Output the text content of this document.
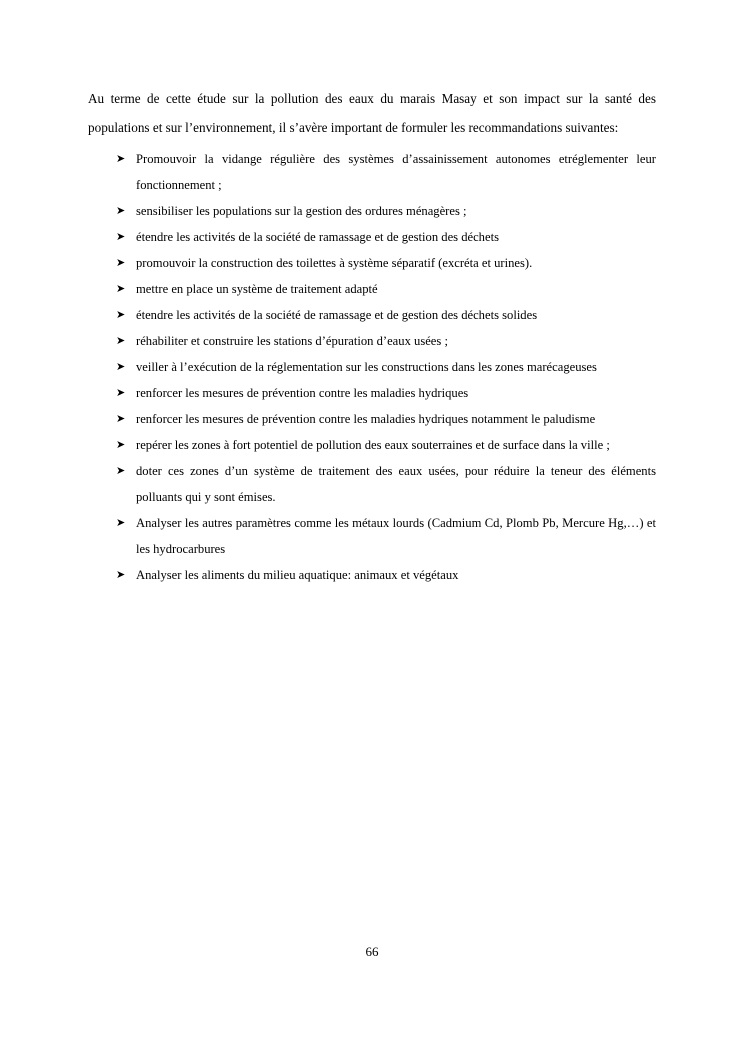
Au terme de cette étude sur la pollution des eaux du marais Masay et son impact sur la santé des populations et sur l’environnement, il s’avère important de formuler les recommandations suivantes:

➤ Promouvoir la vidange régulière des systèmes d’assainissement autonomes etréglementer leur fonctionnement ;
➤ sensibiliser les populations sur la gestion des ordures ménagères ;
➤ étendre les activités de la société de ramassage et de gestion des déchets
➤ promouvoir la construction des toilettes à système séparatif (excréta et urines).
➤ mettre en place un système de traitement adapté
➤ étendre les activités de la société de ramassage et de gestion des déchets solides
➤ réhabiliter et construire les stations d’épuration d’eaux usées ;
➤ veiller à l’exécution de la réglementation sur les constructions dans les zones marécageuses
➤ renforcer les mesures de prévention contre les maladies hydriques
➤ renforcer les mesures de prévention contre les maladies hydriques notamment le paludisme
➤ repérer les zones à fort potentiel de pollution des eaux souterraines et de surface dans la ville ;
➤ doter ces zones d’un système de traitement des eaux usées, pour réduire la teneur des éléments polluants qui y sont émises.
➤ Analyser les autres paramètres comme les métaux lourds (Cadmium Cd, Plomb Pb, Mercure Hg,…) et les hydrocarbures
➤ Analyser les aliments du milieu aquatique: animaux et végétaux
66
